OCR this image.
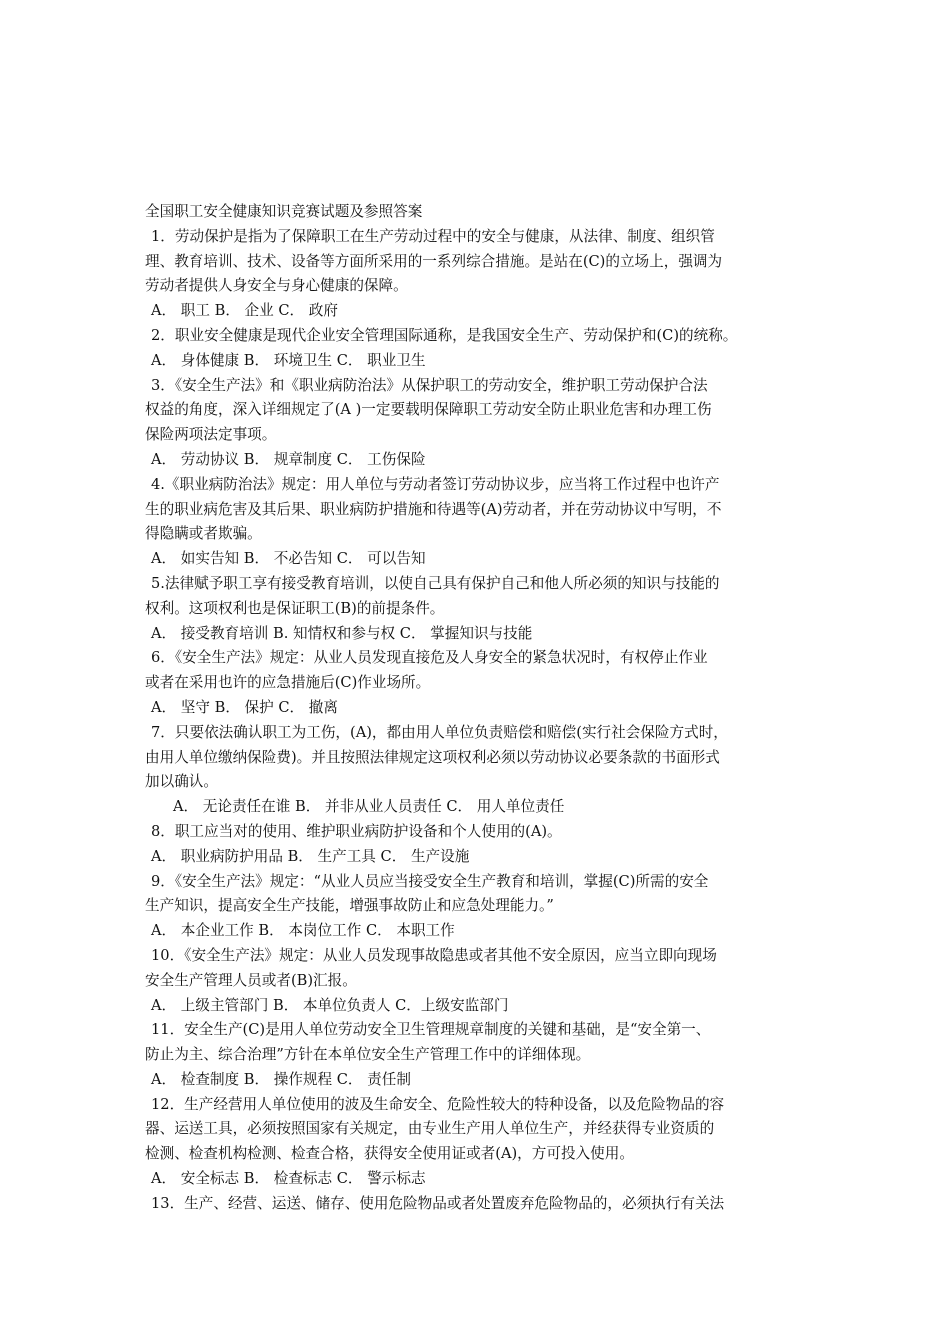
全国职工安全健康知识竞赛试题及参照答案
1．劳动保护是指为了保障职工在生产劳动过程中的安全与健康，从法律、制度、组织管
理、教育培训、技术、设备等方面所采用的一系列综合措施。是站在(C)的立场上，强调为
劳动者提供人身安全与身心健康的保障。
A． 职工 B． 企业 C． 政府
2．职业安全健康是现代企业安全管理国际通称，是我国安全生产、劳动保护和(C)的统称。
A． 身体健康 B． 环境卫生 C． 职业卫生
3．《安全生产法》和《职业病防治法》从保护职工的劳动安全，维护职工劳动保护合法
权益的角度，深入详细规定了(A )一定要载明保障职工劳动安全防止职业危害和办理工伤
保险两项法定事项。
A． 劳动协议 B． 规章制度 C． 工伤保险
4.《职业病防治法》规定：用人单位与劳动者签订劳动协议步，应当将工作过程中也许产
生的职业病危害及其后果、职业病防护措施和待遇等(A)劳动者，并在劳动协议中写明，不
得隐瞒或者欺骗。
A． 如实告知 B． 不必告知 C． 可以告知
5.法律赋予职工享有接受教育培训，以使自己具有保护自己和他人所必须的知识与技能的
权利。这项权利也是保证职工(B)的前提条件。
A． 接受教育培训 B. 知情权和参与权 C． 掌握知识与技能
6．《安全生产法》规定：从业人员发现直接危及人身安全的紧急状况时，有权停止作业
或者在采用也许的应急措施后(C)作业场所。
A． 坚守 B． 保护 C． 撤离
7．只要依法确认职工为工伤，(A)，都由用人单位负责赔偿和赔偿(实行社会保险方式时，
由用人单位缴纳保险费)。并且按照法律规定这项权利必须以劳动协议必要条款的书面形式
加以确认。
A． 无论责任在谁 B． 并非从业人员责任 C． 用人单位责任
8．职工应当对的使用、维护职业病防护设备和个人使用的(A)。
A． 职业病防护用品 B． 生产工具 C． 生产设施
9．《安全生产法》规定：“从业人员应当接受安全生产教育和培训，掌握(C)所需的安全
生产知识，提高安全生产技能，增强事故防止和应急处理能力。”
A． 本企业工作 B． 本岗位工作 C． 本职工作
10．《安全生产法》规定：从业人员发现事故隐患或者其他不安全原因，应当立即向现场
安全生产管理人员或者(B)汇报。
A． 上级主管部门 B． 本单位负责人 C．上级安监部门
11．安全生产(C)是用人单位劳动安全卫生管理规章制度的关键和基础，是“安全第一、
防止为主、综合治理”方针在本单位安全生产管理工作中的详细体现。
A． 检查制度 B． 操作规程 C． 责任制
12．生产经营用人单位使用的波及生命安全、危险性较大的特种设备，以及危险物品的容
器、运送工具，必须按照国家有关规定，由专业生产用人单位生产，并经获得专业资质的
检测、检查机构检测、检查合格，获得安全使用证或者(A)，方可投入使用。
A． 安全标志 B． 检查标志 C． 警示标志
13．生产、经营、运送、储存、使用危险物品或者处置废弃危险物品的，必须执行有关法
